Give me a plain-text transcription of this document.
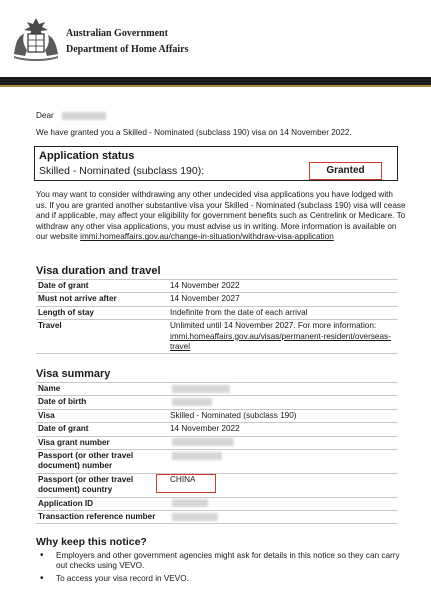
Australian Government
Department of Home Affairs
Dear
We have granted you a Skilled - Nominated (subclass 190) visa on 14 November 2022.
Application status
Skilled - Nominated (subclass 190):	Granted
You may want to consider withdrawing any other undecided visa applications you have lodged with us. If you are granted another substantive visa your Skilled - Nominated (subclass 190) visa will cease and if applicable, may affect your eligibility for government benefits such as Centrelink or Medicare. To withdraw any other visa applications, you must advise us in writing. More information is available on our website immi.homeaffairs.gov.au/change-in-situation/withdraw-visa-application
Visa duration and travel
Date of grant	14 November 2022
Must not arrive after	14 November 2027
Length of stay	Indefinite from the date of each arrival
Travel	Unlimited until 14 November 2027. For more information:
immi.homeaffairs.gov.au/visas/permanent-resident/overseas-travel
Visa summary
Name	
Date of birth	
Visa	Skilled - Nominated (subclass 190)
Date of grant	14 November 2022
Visa grant number	
Passport (or other travel document) number	
Passport (or other travel document) country	CHINA
Application ID	
Transaction reference number	
Why keep this notice?
• Employers and other government agencies might ask for details in this notice so they can carry out checks using VEVO.
• To access your visa record in VEVO.
